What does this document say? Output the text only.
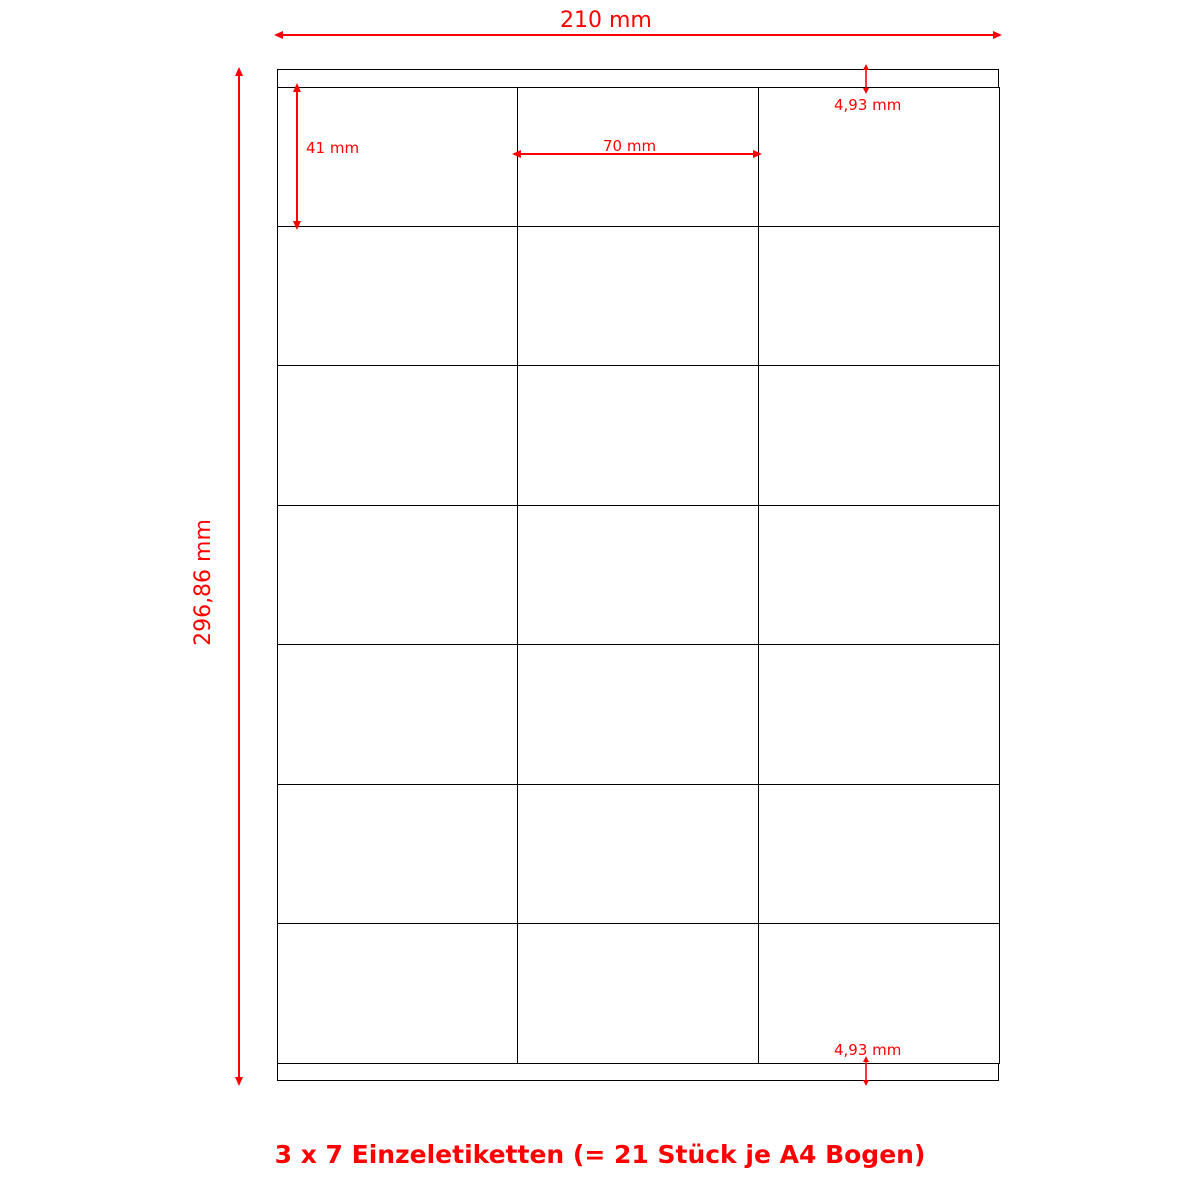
210 mm
296,86 mm
41 mm	70 mm
4,93 mm
4,93 mm
3 x 7 Einzeletiketten (= 21 Stück je A4 Bogen)
